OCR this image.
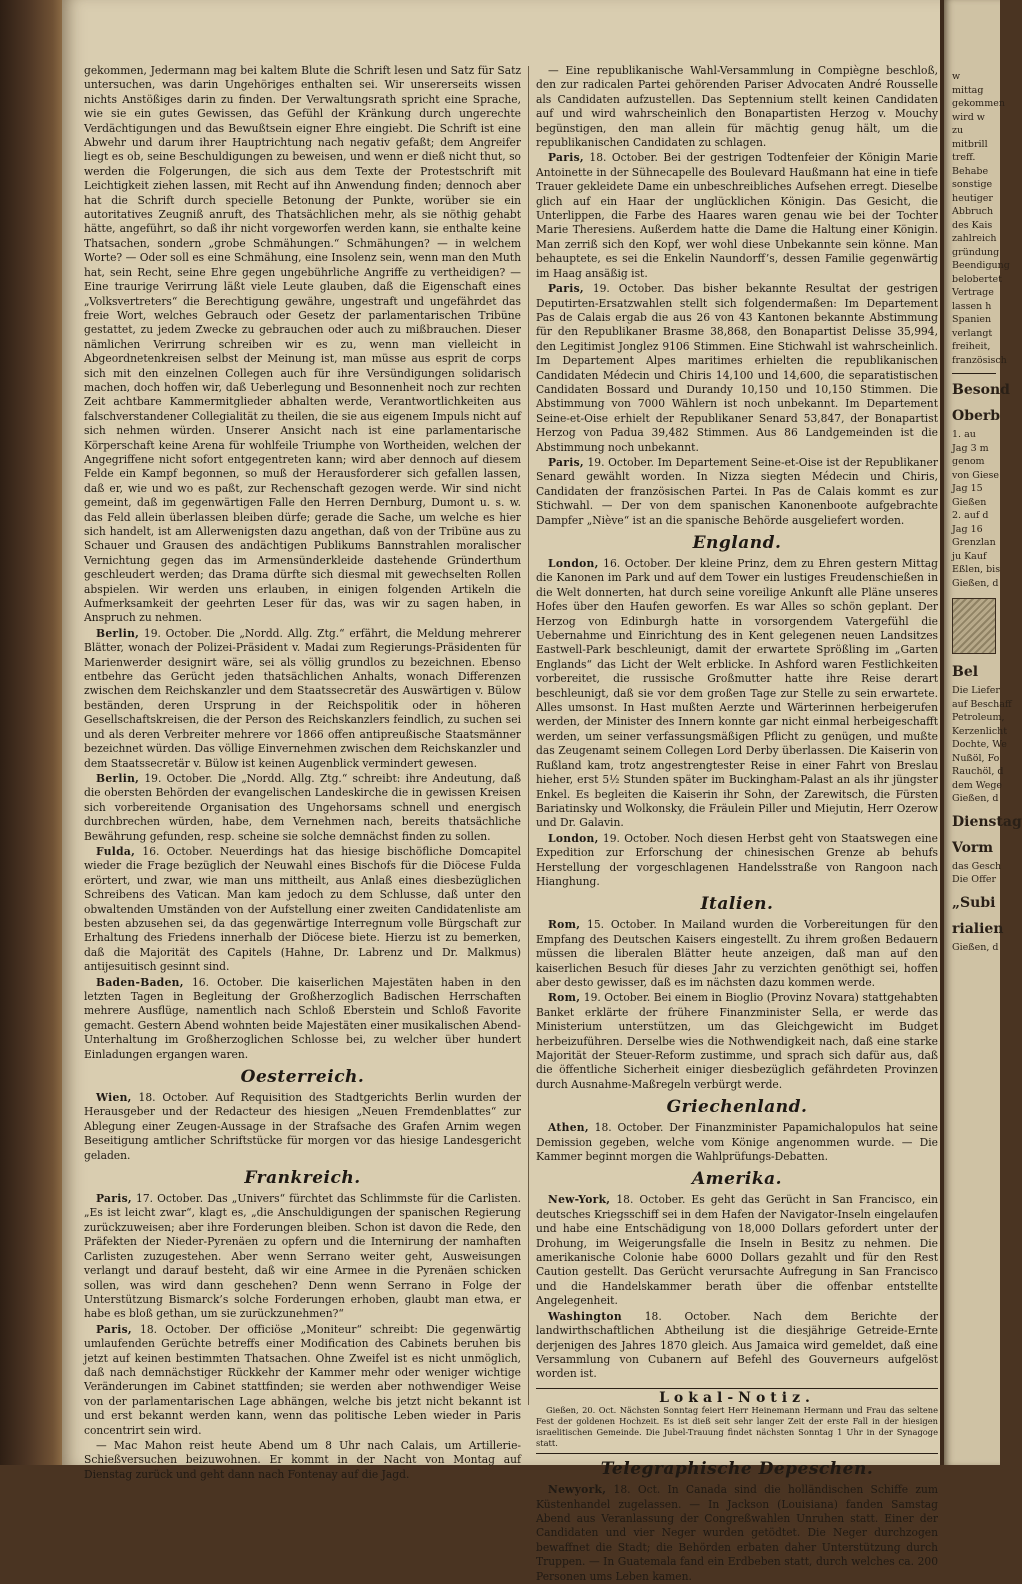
gekommen, Jedermann mag bei kaltem Blute die Schrift lesen und Satz für Satz untersuchen, was darin Ungehöriges enthalten sei. Wir unsererseits wissen nichts Anstößiges darin zu finden. Der Verwaltungsrath spricht eine Sprache, wie sie ein gutes Gewissen, das Gefühl der Kränkung durch ungerechte Verdächtigungen und das Bewußtsein eigner Ehre eingiebt. Die Schrift ist eine Abwehr und darum ihrer Hauptrichtung nach negativ gefaßt; dem Angreifer liegt es ob, seine Beschuldigungen zu beweisen, und wenn er dieß nicht thut, so werden die Folgerungen, die sich aus dem Texte der Protestschrift mit Leichtigkeit ziehen lassen, mit Recht auf ihn Anwendung finden; dennoch aber hat die Schrift durch specielle Betonung der Punkte, worüber sie ein autoritatives Zeugniß anruft, des Thatsächlichen mehr, als sie nöthig gehabt hätte, angeführt, so daß ihr nicht vorgeworfen werden kann, sie enthalte keine Thatsachen, sondern „grobe Schmähungen.“ Schmähungen? — in welchem Worte? — Oder soll es eine Schmähung, eine Insolenz sein, wenn man den Muth hat, sein Recht, seine Ehre gegen ungebührliche Angriffe zu vertheidigen? — Eine traurige Verirrung läßt viele Leute glauben, daß die Eigenschaft eines „Volksvertreters“ die Berechtigung gewähre, ungestraft und ungefährdet das freie Wort, welches Gebrauch oder Gesetz der parlamentarischen Tribüne gestattet, zu jedem Zwecke zu gebrauchen oder auch zu mißbrauchen. Dieser nämlichen Verirrung schreiben wir es zu, wenn man vielleicht in Abgeordnetenkreisen selbst der Meinung ist, man müsse aus esprit de corps sich mit den einzelnen Collegen auch für ihre Versündigungen solidarisch machen, doch hoffen wir, daß Ueberlegung und Besonnenheit noch zur rechten Zeit achtbare Kammermitglieder abhalten werde, Verantwortlichkeiten aus falschverstandener Collegialität zu theilen, die sie aus eigenem Impuls nicht auf sich nehmen würden. Unserer Ansicht nach ist eine parlamentarische Körperschaft keine Arena für wohlfeile Triumphe von Wortheiden, welchen der Angegriffene nicht sofort entgegentreten kann; wird aber dennoch auf diesem Felde ein Kampf begonnen, so muß der Herausforderer sich gefallen lassen, daß er, wie und wo es paßt, zur Rechenschaft gezogen werde. Wir sind nicht gemeint, daß im gegenwärtigen Falle den Herren Dernburg, Dumont u. s. w. das Feld allein überlassen bleiben dürfe; gerade die Sache, um welche es hier sich handelt, ist am Allerwenigsten dazu angethan, daß von der Tribüne aus zu Schauer und Grausen des andächtigen Publikums Bannstrahlen moralischer Vernichtung gegen das im Armensünderkleide dastehende Gründerthum geschleudert werden; das Drama dürfte sich diesmal mit gewechselten Rollen abspielen. Wir werden uns erlauben, in einigen folgenden Artikeln die Aufmerksamkeit der geehrten Leser für das, was wir zu sagen haben, in Anspruch zu nehmen.

Berlin, 19. October. Die „Nordd. Allg. Ztg.“ erfährt, die Meldung mehrerer Blätter, wonach der Polizei-Präsident v. Madai zum Regierungs-Präsidenten für Marienwerder designirt wäre, sei als völlig grundlos zu bezeichnen. Ebenso entbehre das Gerücht jeden thatsächlichen Anhalts, wonach Differenzen zwischen dem Reichskanzler und dem Staatssecretär des Auswärtigen v. Bülow beständen, deren Ursprung in der Reichspolitik oder in höheren Gesellschaftskreisen, die der Person des Reichskanzlers feindlich, zu suchen sei und als deren Verbreiter mehrere vor 1866 offen antipreußische Staatsmänner bezeichnet würden. Das völlige Einvernehmen zwischen dem Reichskanzler und dem Staatssecretär v. Bülow ist keinen Augenblick vermindert gewesen.

Berlin, 19. October. Die „Nordd. Allg. Ztg.“ schreibt: ihre Andeutung, daß die obersten Behörden der evangelischen Landeskirche die in gewissen Kreisen sich vorbereitende Organisation des Ungehorsams schnell und energisch durchbrechen würden, habe, dem Vernehmen nach, bereits thatsächliche Bewährung gefunden, resp. scheine sie solche demnächst finden zu sollen.

Fulda, 16. October. Neuerdings hat das hiesige bischöfliche Domcapitel wieder die Frage bezüglich der Neuwahl eines Bischofs für die Diöcese Fulda erörtert, und zwar, wie man uns mittheilt, aus Anlaß eines diesbezüglichen Schreibens des Vatican. Man kam jedoch zu dem Schlusse, daß unter den obwaltenden Umständen von der Aufstellung einer zweiten Candidatenliste am besten abzusehen sei, da das gegenwärtige Interregnum volle Bürgschaft zur Erhaltung des Friedens innerhalb der Diöcese biete. Hierzu ist zu bemerken, daß die Majorität des Capitels (Hahne, Dr. Labrenz und Dr. Malkmus) antijesuitisch gesinnt sind.

Baden-Baden, 16. October. Die kaiserlichen Majestäten haben in den letzten Tagen in Begleitung der Großherzoglich Badischen Herrschaften mehrere Ausflüge, namentlich nach Schloß Eberstein und Schloß Favorite gemacht. Gestern Abend wohnten beide Majestäten einer musikalischen Abend-Unterhaltung im Großherzoglichen Schlosse bei, zu welcher über hundert Einladungen ergangen waren.

Oesterreich.

Wien, 18. October. Auf Requisition des Stadtgerichts Berlin wurden der Herausgeber und der Redacteur des hiesigen „Neuen Fremdenblattes“ zur Ablegung einer Zeugen-Aussage in der Strafsache des Grafen Arnim wegen Beseitigung amtlicher Schriftstücke für morgen vor das hiesige Landesgericht geladen.

Frankreich.

Paris, 17. October. Das „Univers“ fürchtet das Schlimmste für die Carlisten. „Es ist leicht zwar“, klagt es, „die Anschuldigungen der spanischen Regierung zurückzuweisen; aber ihre Forderungen bleiben. Schon ist davon die Rede, den Präfekten der Nieder-Pyrenäen zu opfern und die Internirung der namhaften Carlisten zuzugestehen. Aber wenn Serrano weiter geht, Ausweisungen verlangt und darauf besteht, daß wir eine Armee in die Pyrenäen schicken sollen, was wird dann geschehen? Denn wenn Serrano in Folge der Unterstützung Bismarck’s solche Forderungen erhoben, glaubt man etwa, er habe es bloß gethan, um sie zurückzunehmen?“

Paris, 18. October. Der officiöse „Moniteur“ schreibt: Die gegenwärtig umlaufenden Gerüchte betreffs einer Modification des Cabinets beruhen bis jetzt auf keinen bestimmten Thatsachen. Ohne Zweifel ist es nicht unmöglich, daß nach demnächstiger Rückkehr der Kammer mehr oder weniger wichtige Veränderungen im Cabinet stattfinden; sie werden aber nothwendiger Weise von der parlamentarischen Lage abhängen, welche bis jetzt nicht bekannt ist und erst bekannt werden kann, wenn das politische Leben wieder in Paris concentrirt sein wird.

— Mac Mahon reist heute Abend um 8 Uhr nach Calais, um Artillerie-Schießversuchen beizuwohnen. Er kommt in der Nacht von Montag auf Dienstag zurück und geht dann nach Fontenay auf die Jagd.

— Eine republikanische Wahl-Versammlung in Compiègne beschloß, den zur radicalen Partei gehörenden Pariser Advocaten André Rousselle als Candidaten aufzustellen. Das Septennium stellt keinen Candidaten auf und wird wahrscheinlich den Bonapartisten Herzog v. Mouchy begünstigen, den man allein für mächtig genug hält, um die republikanischen Candidaten zu schlagen.

Paris, 18. October. Bei der gestrigen Todtenfeier der Königin Marie Antoinette in der Sühnecapelle des Boulevard Haußmann hat eine in tiefe Trauer gekleidete Dame ein unbeschreibliches Aufsehen erregt. Dieselbe glich auf ein Haar der unglücklichen Königin. Das Gesicht, die Unterlippen, die Farbe des Haares waren genau wie bei der Tochter Marie Theresiens. Außerdem hatte die Dame die Haltung einer Königin. Man zerriß sich den Kopf, wer wohl diese Unbekannte sein könne. Man behauptete, es sei die Enkelin Naundorff’s, dessen Familie gegenwärtig im Haag ansäßig ist.

Paris, 19. October. Das bisher bekannte Resultat der gestrigen Deputirten-Ersatzwahlen stellt sich folgendermaßen: Im Departement Pas de Calais ergab die aus 26 von 43 Kantonen bekannte Abstimmung für den Republikaner Brasme 38,868, den Bonapartist Delisse 35,994, den Legitimist Jonglez 9106 Stimmen. Eine Stichwahl ist wahrscheinlich. Im Departement Alpes maritimes erhielten die republikanischen Candidaten Médecin und Chiris 14,100 und 14,600, die separatistischen Candidaten Bossard und Durandy 10,150 und 10,150 Stimmen. Die Abstimmung von 7000 Wählern ist noch unbekannt. Im Departement Seine-et-Oise erhielt der Republikaner Senard 53,847, der Bonapartist Herzog von Padua 39,482 Stimmen. Aus 86 Landgemeinden ist die Abstimmung noch unbekannt.

Paris, 19. October. Im Departement Seine-et-Oise ist der Republikaner Senard gewählt worden. In Nizza siegten Médecin und Chiris, Candidaten der französischen Partei. In Pas de Calais kommt es zur Stichwahl. — Der von dem spanischen Kanonenboote aufgebrachte Dampfer „Niève“ ist an die spanische Behörde ausgeliefert worden.

England.

London, 16. October. Der kleine Prinz, dem zu Ehren gestern Mittag die Kanonen im Park und auf dem Tower ein lustiges Freudenschießen in die Welt donnerten, hat durch seine voreilige Ankunft alle Pläne unseres Hofes über den Haufen geworfen. Es war Alles so schön geplant. Der Herzog von Edinburgh hatte in vorsorgendem Vatergefühl die Uebernahme und Einrichtung des in Kent gelegenen neuen Landsitzes Eastwell-Park beschleunigt, damit der erwartete Sprößling im „Garten Englands“ das Licht der Welt erblicke. In Ashford waren Festlichkeiten vorbereitet, die russische Großmutter hatte ihre Reise derart beschleunigt, daß sie vor dem großen Tage zur Stelle zu sein erwartete. Alles umsonst. In Hast mußten Aerzte und Wärterinnen herbeigerufen werden, der Minister des Innern konnte gar nicht einmal herbeigeschafft werden, um seiner verfassungsmäßigen Pflicht zu genügen, und mußte das Zeugenamt seinem Collegen Lord Derby überlassen. Die Kaiserin von Rußland kam, trotz angestrengtester Reise in einer Fahrt von Breslau hieher, erst 5½ Stunden später im Buckingham-Palast an als ihr jüngster Enkel. Es begleiten die Kaiserin ihr Sohn, der Zarewitsch, die Fürsten Bariatinsky und Wolkonsky, die Fräulein Piller und Miejutin, Herr Ozerow und Dr. Galavin.

London, 19. October. Noch diesen Herbst geht von Staatswegen eine Expedition zur Erforschung der chinesischen Grenze ab behufs Herstellung der vorgeschlagenen Handelsstraße von Rangoon nach Hianghung.

Italien.

Rom, 15. October. In Mailand wurden die Vorbereitungen für den Empfang des Deutschen Kaisers eingestellt. Zu ihrem großen Bedauern müssen die liberalen Blätter heute anzeigen, daß man auf den kaiserlichen Besuch für dieses Jahr zu verzichten genöthigt sei, hoffen aber desto gewisser, daß es im nächsten dazu kommen werde.

Rom, 19. October. Bei einem in Bioglio (Provinz Novara) stattgehabten Banket erklärte der frühere Finanzminister Sella, er werde das Ministerium unterstützen, um das Gleichgewicht im Budget herbeizuführen. Derselbe wies die Nothwendigkeit nach, daß eine starke Majorität der Steuer-Reform zustimme, und sprach sich dafür aus, daß die öffentliche Sicherheit einiger diesbezüglich gefährdeten Provinzen durch Ausnahme-Maßregeln verbürgt werde.

Griechenland.

Athen, 18. October. Der Finanzminister Papamichalopulos hat seine Demission gegeben, welche vom Könige angenommen wurde. — Die Kammer beginnt morgen die Wahlprüfungs-Debatten.

Amerika.

New-York, 18. October. Es geht das Gerücht in San Francisco, ein deutsches Kriegsschiff sei in dem Hafen der Navigator-Inseln eingelaufen und habe eine Entschädigung von 18,000 Dollars gefordert unter der Drohung, im Weigerungsfalle die Inseln in Besitz zu nehmen. Die amerikanische Colonie habe 6000 Dollars gezahlt und für den Rest Caution gestellt. Das Gerücht verursachte Aufregung in San Francisco und die Handelskammer berath über die offenbar entstellte Angelegenheit.

Washington 18. October. Nach dem Berichte der landwirthschaftlichen Abtheilung ist die diesjährige Getreide-Ernte derjenigen des Jahres 1870 gleich. Aus Jamaica wird gemeldet, daß eine Versammlung von Cubanern auf Befehl des Gouverneurs aufgelöst worden ist.

Lokal-Notiz.

Gießen, 20. Oct. Nächsten Sonntag feiert Herr Heinemann Hermann und Frau das seltene Fest der goldenen Hochzeit. Es ist dieß seit sehr langer Zeit der erste Fall in der hiesigen israelitischen Gemeinde. Die Jubel-Trauung findet nächsten Sonntag 1 Uhr in der Synagoge statt.

Telegraphische Depeschen.

Newyork, 18. Oct. In Canada sind die holländischen Schiffe zum Küstenhandel zugelassen. — In Jackson (Louisiana) fanden Samstag Abend aus Veranlassung der Congreßwahlen Unruhen statt. Einer der Candidaten und vier Neger wurden getödtet. Die Neger durchzogen bewaffnet die Stadt; die Behörden erbaten daher Unterstützung durch Truppen. — In Guatemala fand ein Erdbeben statt, durch welches ca. 200 Personen ums Leben kamen.

w
mittag
gekommen
wird w
zu
mitbrill
treff.
Behabe
sonstige
heutiger
Abbruch
des Kais
zahlreich
gründung
Beendigung
belobertet
Vertrage
lassen h
Spanien
verlangt
freiheit,
französisch
Besond
Oberb
1. au
Jag 3 m
genom
von Giese
Jag 15
Gießen
2. auf d
Jag 16
Grenzlan
ju Kauf
Eßlen, bis
Gießen, d
Bel
Die Liefer
auf Beschaff
Petroleum,
Kerzenlicht
Dochte, We
Nußöl, Fo
Rauchöl, d
dem Wege
Gießen, d
Dienstag
Vorm
das Gesch
Die Offer
„Subi
rialien
Gießen, d
